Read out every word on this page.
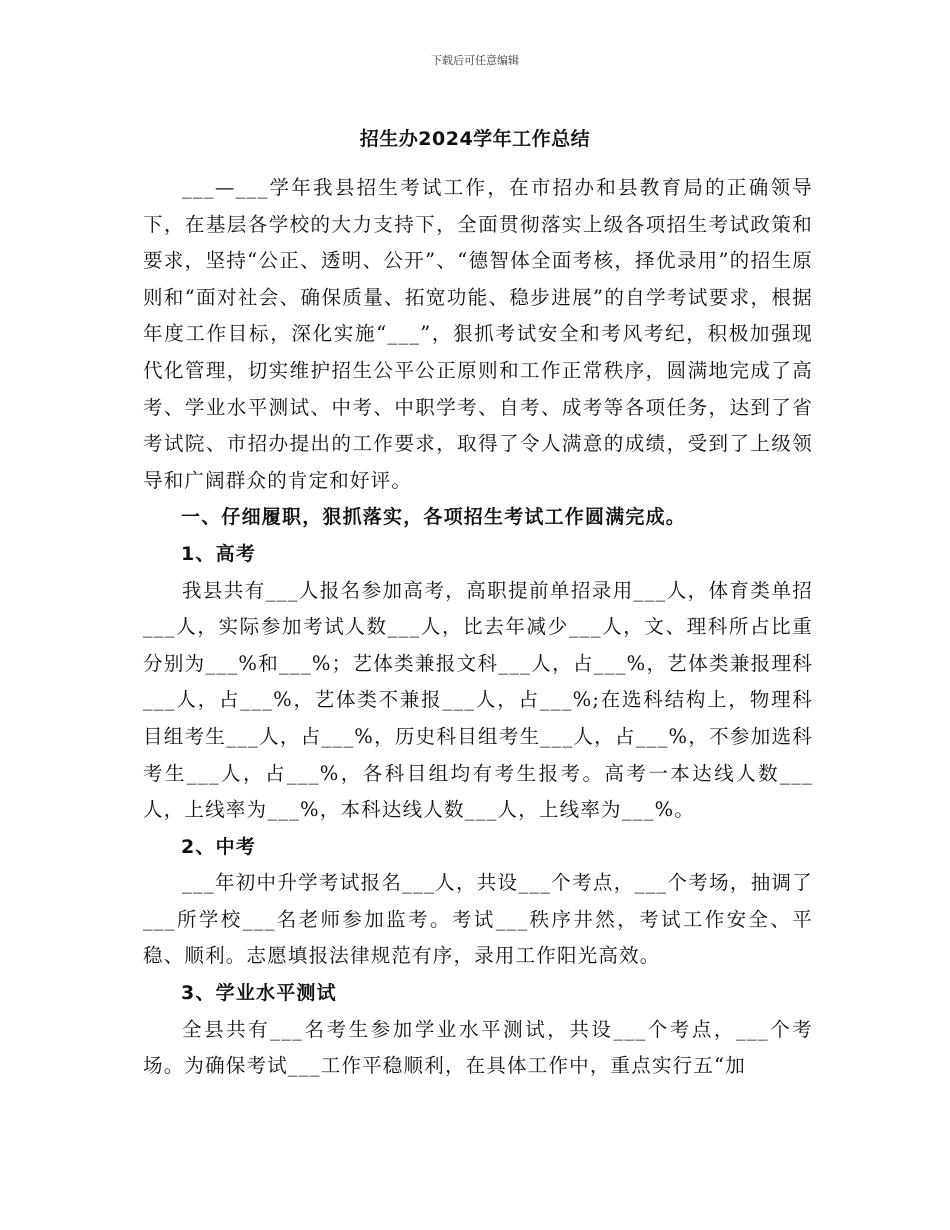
下载后可任意编辑
招生办2024学年工作总结

___—___学年我县招生考试工作，在市招办和县教育局的正确领导下，在基层各学校的大力支持下，全面贯彻落实上级各项招生考试政策和要求，坚持“公正、透明、公开”、“德智体全面考核，择优录用”的招生原则和“面对社会、确保质量、拓宽功能、稳步进展”的自学考试要求，根据年度工作目标，深化实施“___”，狠抓考试安全和考风考纪，积极加强现代化管理，切实维护招生公平公正原则和工作正常秩序，圆满地完成了高考、学业水平测试、中考、中职学考、自考、成考等各项任务，达到了省考试院、市招办提出的工作要求，取得了令人满意的成绩，受到了上级领导和广阔群众的肯定和好评。

一、仔细履职，狠抓落实，各项招生考试工作圆满完成。

1、高考

我县共有___人报名参加高考，高职提前单招录用___人，体育类单招___人，实际参加考试人数___人，比去年减少___人，文、理科所占比重分别为___%和___%；艺体类兼报文科___人，占___%，艺体类兼报理科___人，占___%，艺体类不兼报___人，占___%;在选科结构上，物理科目组考生___人，占___%，历史科目组考生___人，占___%，不参加选科考生___人，占___%，各科目组均有考生报考。高考一本达线人数___人，上线率为___%，本科达线人数___人，上线率为___%。

2、中考

___年初中升学考试报名___人，共设___个考点，___个考场，抽调了___所学校___名老师参加监考。考试___秩序井然，考试工作安全、平稳、顺利。志愿填报法律规范有序，录用工作阳光高效。

3、学业水平测试

全县共有___名考生参加学业水平测试，共设___个考点，___个考场。为确保考试___工作平稳顺利，在具体工作中，重点实行五“加
